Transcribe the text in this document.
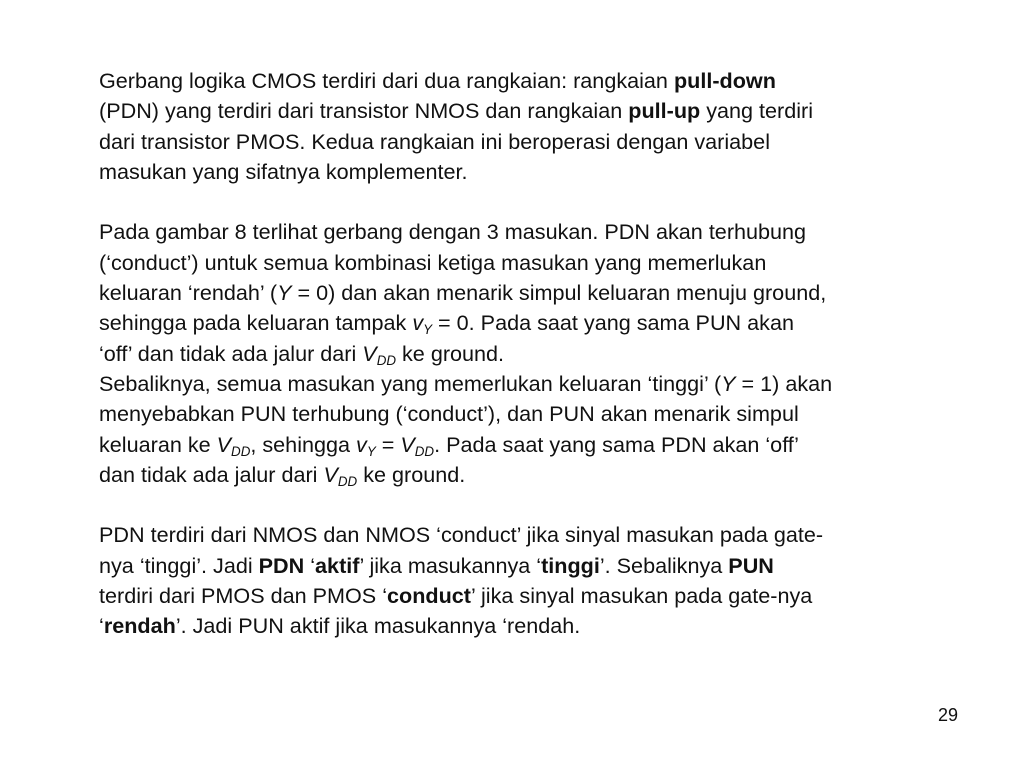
Gerbang logika CMOS terdiri dari dua rangkaian: rangkaian pull-down
(PDN) yang terdiri dari transistor NMOS dan rangkaian pull-up yang terdiri
dari transistor PMOS. Kedua rangkaian ini beroperasi dengan variabel
masukan yang sifatnya komplementer.
Pada gambar 8 terlihat gerbang dengan 3 masukan. PDN akan terhubung
(‘conduct’) untuk semua kombinasi ketiga masukan yang memerlukan
keluaran ‘rendah’ (Y = 0) dan akan menarik simpul keluaran menuju ground,
sehingga pada keluaran tampak $v_Y = 0$. Pada saat yang sama PUN akan
‘off’ dan tidak ada jalur dari $V_{DD}$ ke ground.
Sebaliknya, semua masukan yang memerlukan keluaran ‘tinggi’ (Y = 1) akan
menyebabkan PUN terhubung (‘conduct’), dan PUN akan menarik simpul
keluaran ke $V_{DD}$, sehingga $v_Y = V_{DD}$. Pada saat yang sama PDN akan ‘off’
dan tidak ada jalur dari $V_{DD}$ ke ground.
PDN terdiri dari NMOS dan NMOS ‘conduct’ jika sinyal masukan pada gate-
nya ‘tinggi’. Jadi PDN ‘aktif’ jika masukannya ‘tinggi’. Sebaliknya PUN
terdiri dari PMOS dan PMOS ‘conduct’ jika sinyal masukan pada gate-nya
‘rendah’. Jadi PUN aktif jika masukannya ‘rendah.
29
